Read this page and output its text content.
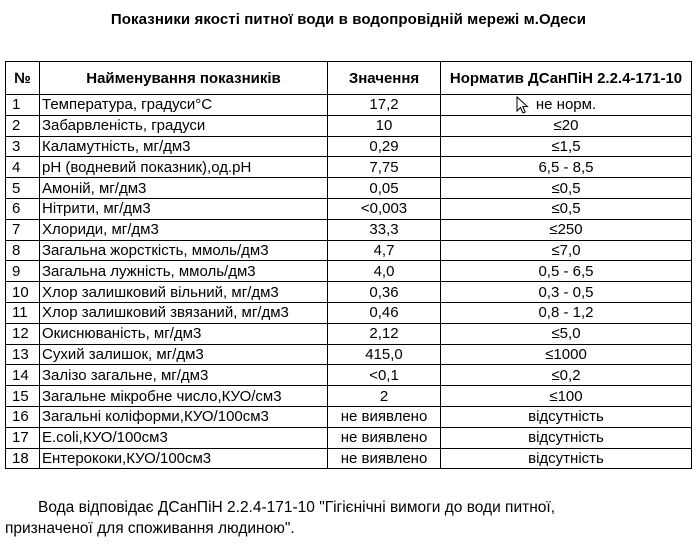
Показники якості питної води в водопровідній мережі м.Одеси
№	Найменування показників	Значення	Норматив ДСанПіН 2.2.4-171-10
1	Температура, градуси°С	17,2	не норм.
2	Забарвленість, градуси	10	≤20
3	Каламутність, мг/дм3	0,29	≤1,5
4	рН (водневий показник),од.рН	7,75	6,5 - 8,5
5	Амоній, мг/дм3	0,05	≤0,5
6	Нітрити, мг/дм3	<0,003	≤0,5
7	Хлориди, мг/дм3	33,3	≤250
8	Загальна жорсткість, ммоль/дм3	4,7	≤7,0
9	Загальна лужність, ммоль/дм3	4,0	0,5 - 6,5
10	Хлор залишковий вільний, мг/дм3	0,36	0,3 - 0,5
11	Хлор залишковий звязаний, мг/дм3	0,46	0,8 - 1,2
12	Окиснюваність, мг/дм3	2,12	≤5,0
13	Сухий залишок, мг/дм3	415,0	≤1000
14	Залізо загальне, мг/дм3	<0,1	≤0,2
15	Загальне мікробне число,КУО/см3	2	≤100
16	Загальні коліформи,КУО/100см3	не виявлено	відсутність
17	E.coli,КУО/100см3	не виявлено	відсутність
18	Ентерококи,КУО/100см3	не виявлено	відсутність
Вода відповідає ДСанПіН 2.2.4-171-10 "Гігієнічні вимоги до води питної,
призначеної для споживання людиною".
